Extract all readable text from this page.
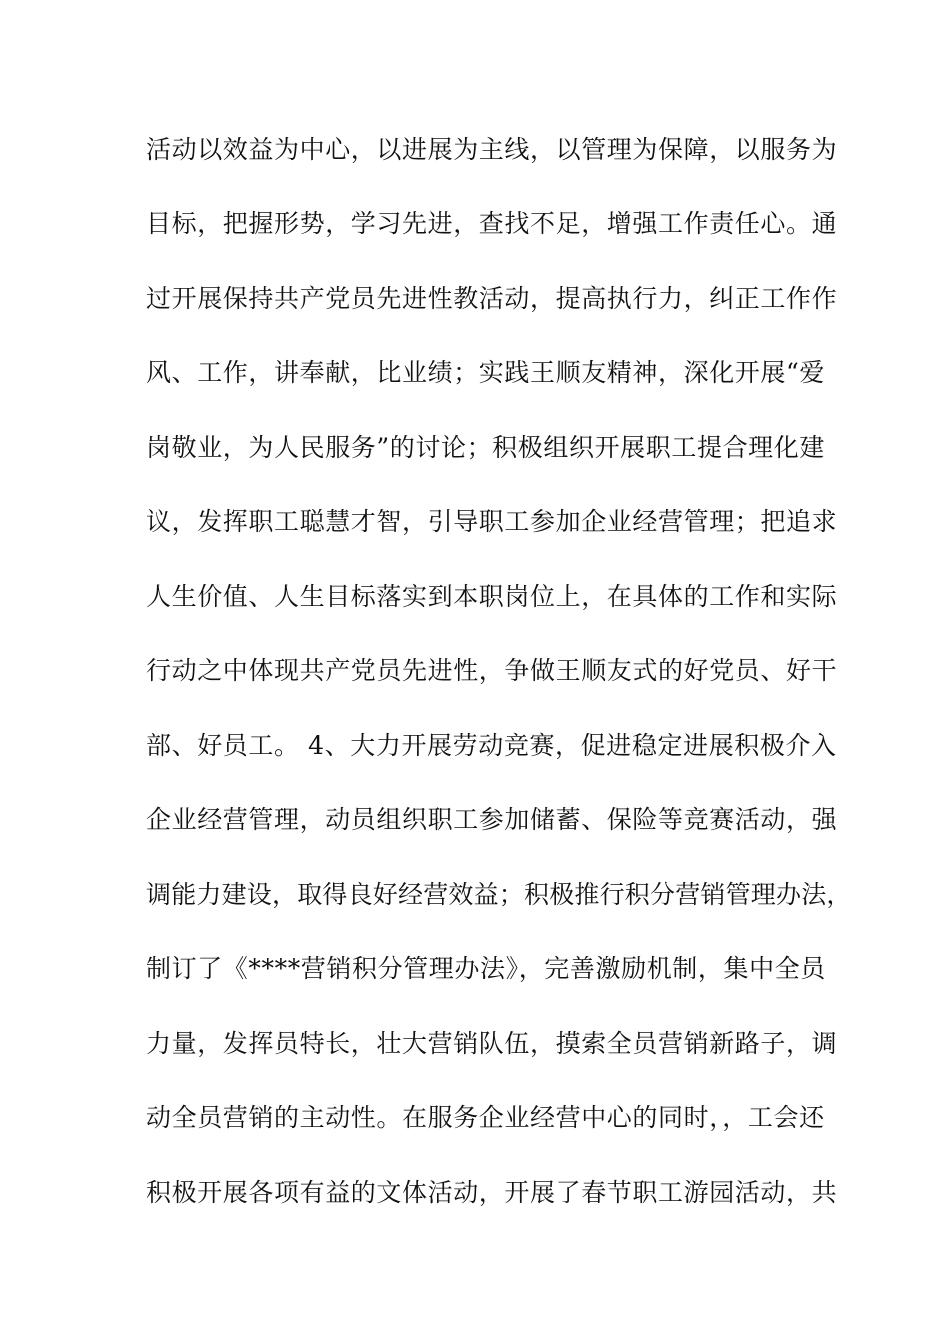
活动以效益为中心，以进展为主线，以管理为保障，以服务为
目标，把握形势，学习先进，查找不足，增强工作责任心。通
过开展保持共产党员先进性教活动，提高执行力，纠正工作作
风、工作，讲奉献，比业绩；实践王顺友精神，深化开展“爱
岗敬业，为人民服务”的讨论；积极组织开展职工提合理化建
议，发挥职工聪慧才智，引导职工参加企业经营管理；把追求
人生价值、人生目标落实到本职岗位上，在具体的工作和实际
行动之中体现共产党员先进性，争做王顺友式的好党员、好干
部、好员工。 4、大力开展劳动竞赛，促进稳定进展积极介入
企业经营管理，动员组织职工参加储蓄、保险等竞赛活动，强
调能力建设，取得良好经营效益；积极推行积分营销管理办法，
制订了《****营销积分管理办法》，完善激励机制，集中全员
力量，发挥员特长，壮大营销队伍，摸索全员营销新路子，调
动全员营销的主动性。在服务企业经营中心的同时，，工会还
积极开展各项有益的文体活动，开展了春节职工游园活动，共
